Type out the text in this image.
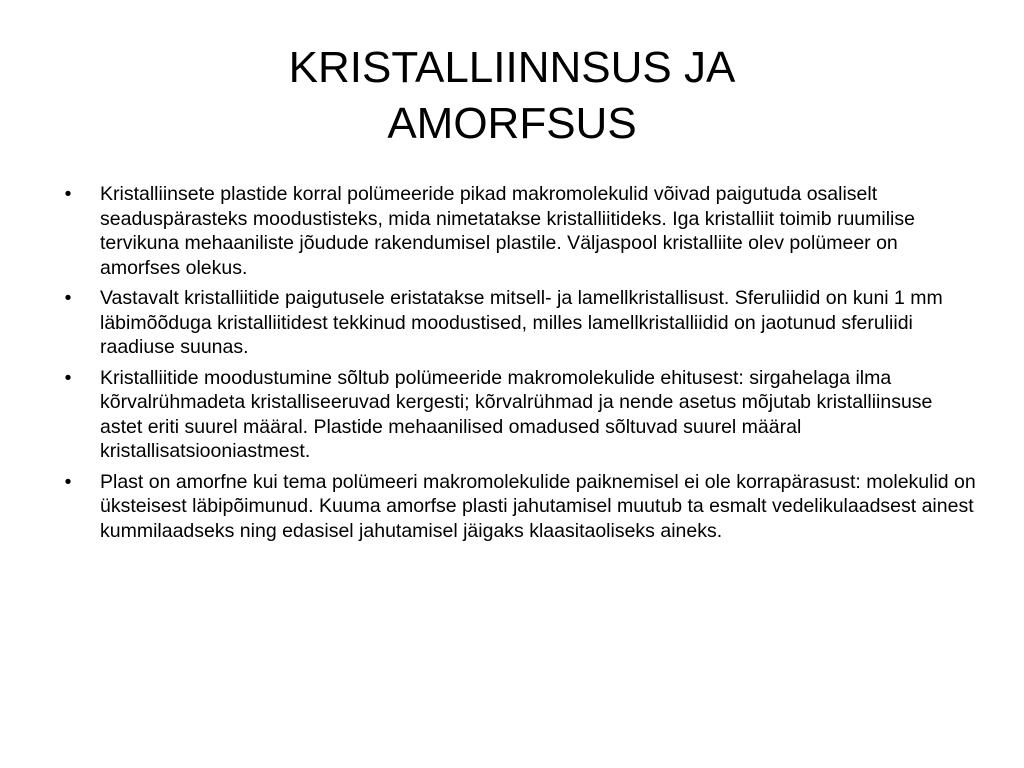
KRISTALLIINNSUS JA
AMORFSUS
•	Kristalliinsete plastide korral polümeeride pikad makromolekulid võivad paigutuda osaliselt seaduspärasteks moodustisteks, mida nimetatakse kristalliitideks. Iga kristalliit toimib ruumilise tervikuna mehaaniliste jõudude rakendumisel plastile. Väljaspool kristalliite olev polümeer on amorfses olekus.
•	Vastavalt kristalliitide paigutusele eristatakse mitsell- ja lamellkristallisust. Sferuliidid on kuni 1 mm läbimõõduga kristalliitidest tekkinud moodustised, milles lamellkristalliidid on jaotunud sferuliidi raadiuse suunas.
•	Kristalliitide moodustumine sõltub polümeeride makromolekulide ehitusest: sirgahelaga ilma kõrvalrühmadeta kristalliseeruvad kergesti; kõrvalrühmad ja nende asetus mõjutab kristalliinsuse astet eriti suurel määral. Plastide mehaanilised omadused sõltuvad suurel määral kristallisatsiooniastmest.
•	Plast on amorfne kui tema polümeeri makromolekulide paiknemisel ei ole korrapärasust: molekulid on üksteisest läbipõimunud. Kuuma amorfse plasti jahutamisel muutub ta esmalt vedelikulaadsest ainest kummilaadseks ning edasisel jahutamisel jäigaks klaasitaoliseks aineks.
